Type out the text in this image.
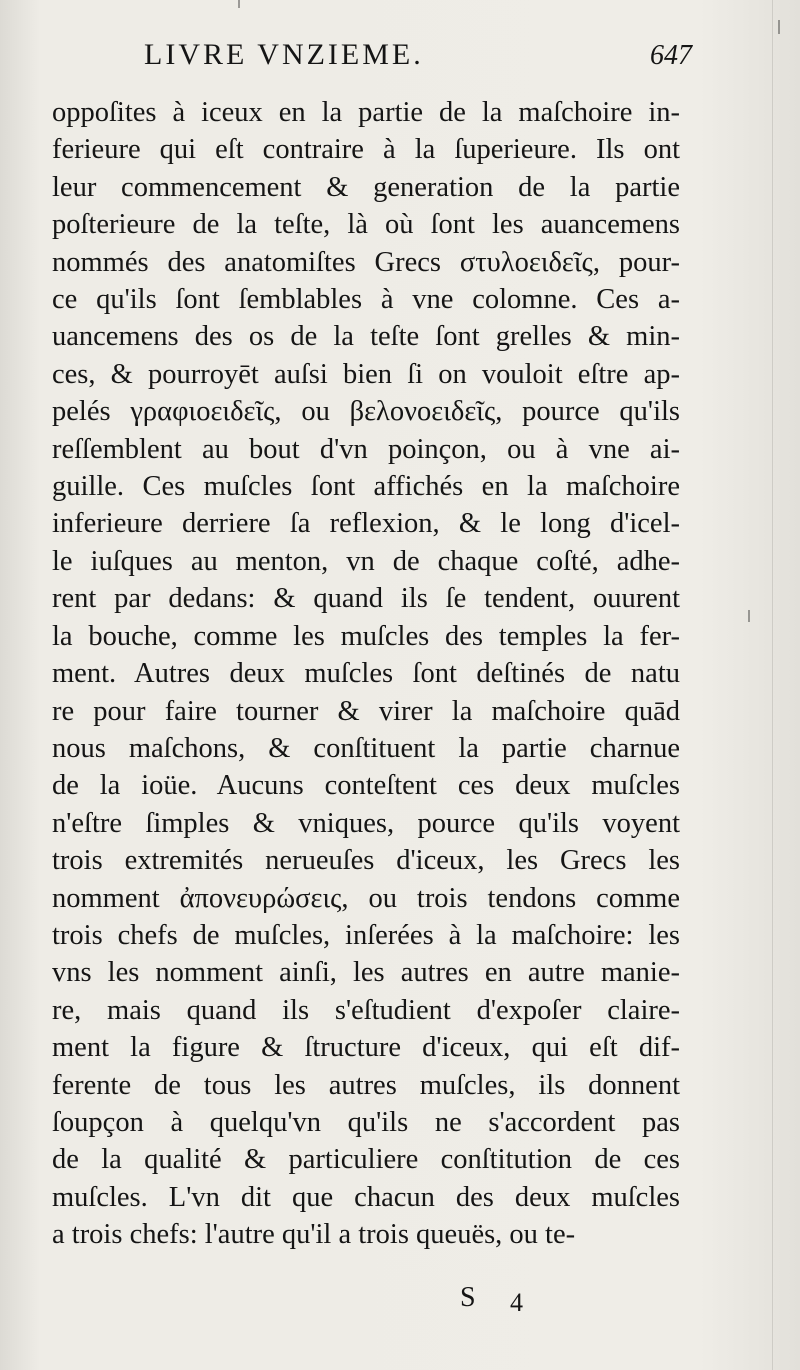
LIVRE VNZIEME.	647
oppoſites à iceux en la partie de la maſchoire in-
ferieure qui eſt contraire à la ſuperieure. Ils ont
leur commencement & generation de la partie
poſterieure de la teſte, là où ſont les auancemens
nommés des anatomiſtes Grecs στυλοειδεῖς, pour-
ce qu'ils ſont ſemblables à vne colomne. Ces a-
uancemens des os de la teſte ſont grelles & min-
ces, & pourroyēt auſsi bien ſi on vouloit eſtre ap-
pelés γραφιοειδεῖς, ou βελονοειδεῖς, pource qu'ils
reſſemblent au bout d'vn poinçon, ou à vne ai-
guille. Ces muſcles ſont affichés en la maſchoire
inferieure derriere ſa reflexion, & le long d'icel-
le iuſques au menton, vn de chaque coſté, adhe-
rent par dedans: & quand ils ſe tendent, ouurent
la bouche, comme les muſcles des temples la fer-
ment. Autres deux muſcles ſont deſtinés de natu
re pour faire tourner & virer la maſchoire quād
nous maſchons, & conſtituent la partie charnue
de la ioüe. Aucuns conteſtent ces deux muſcles
n'eſtre ſimples & vniques, pource qu'ils voyent
trois extremités nerueuſes d'iceux, les Grecs les
nomment ἀπονευρώσεις, ou trois tendons comme
trois chefs de muſcles, inſerées à la maſchoire: les
vns les nomment ainſi, les autres en autre manie-
re, mais quand ils s'eſtudient d'expoſer claire-
ment la figure & ſtructure d'iceux, qui eſt dif-
ferente de tous les autres muſcles, ils donnent
ſoupçon à quelqu'vn qu'ils ne s'accordent pas
de la qualité & particuliere conſtitution de ces
muſcles. L'vn dit que chacun des deux muſcles
a trois chefs: l'autre qu'il a trois queuës, ou te-
S 4
